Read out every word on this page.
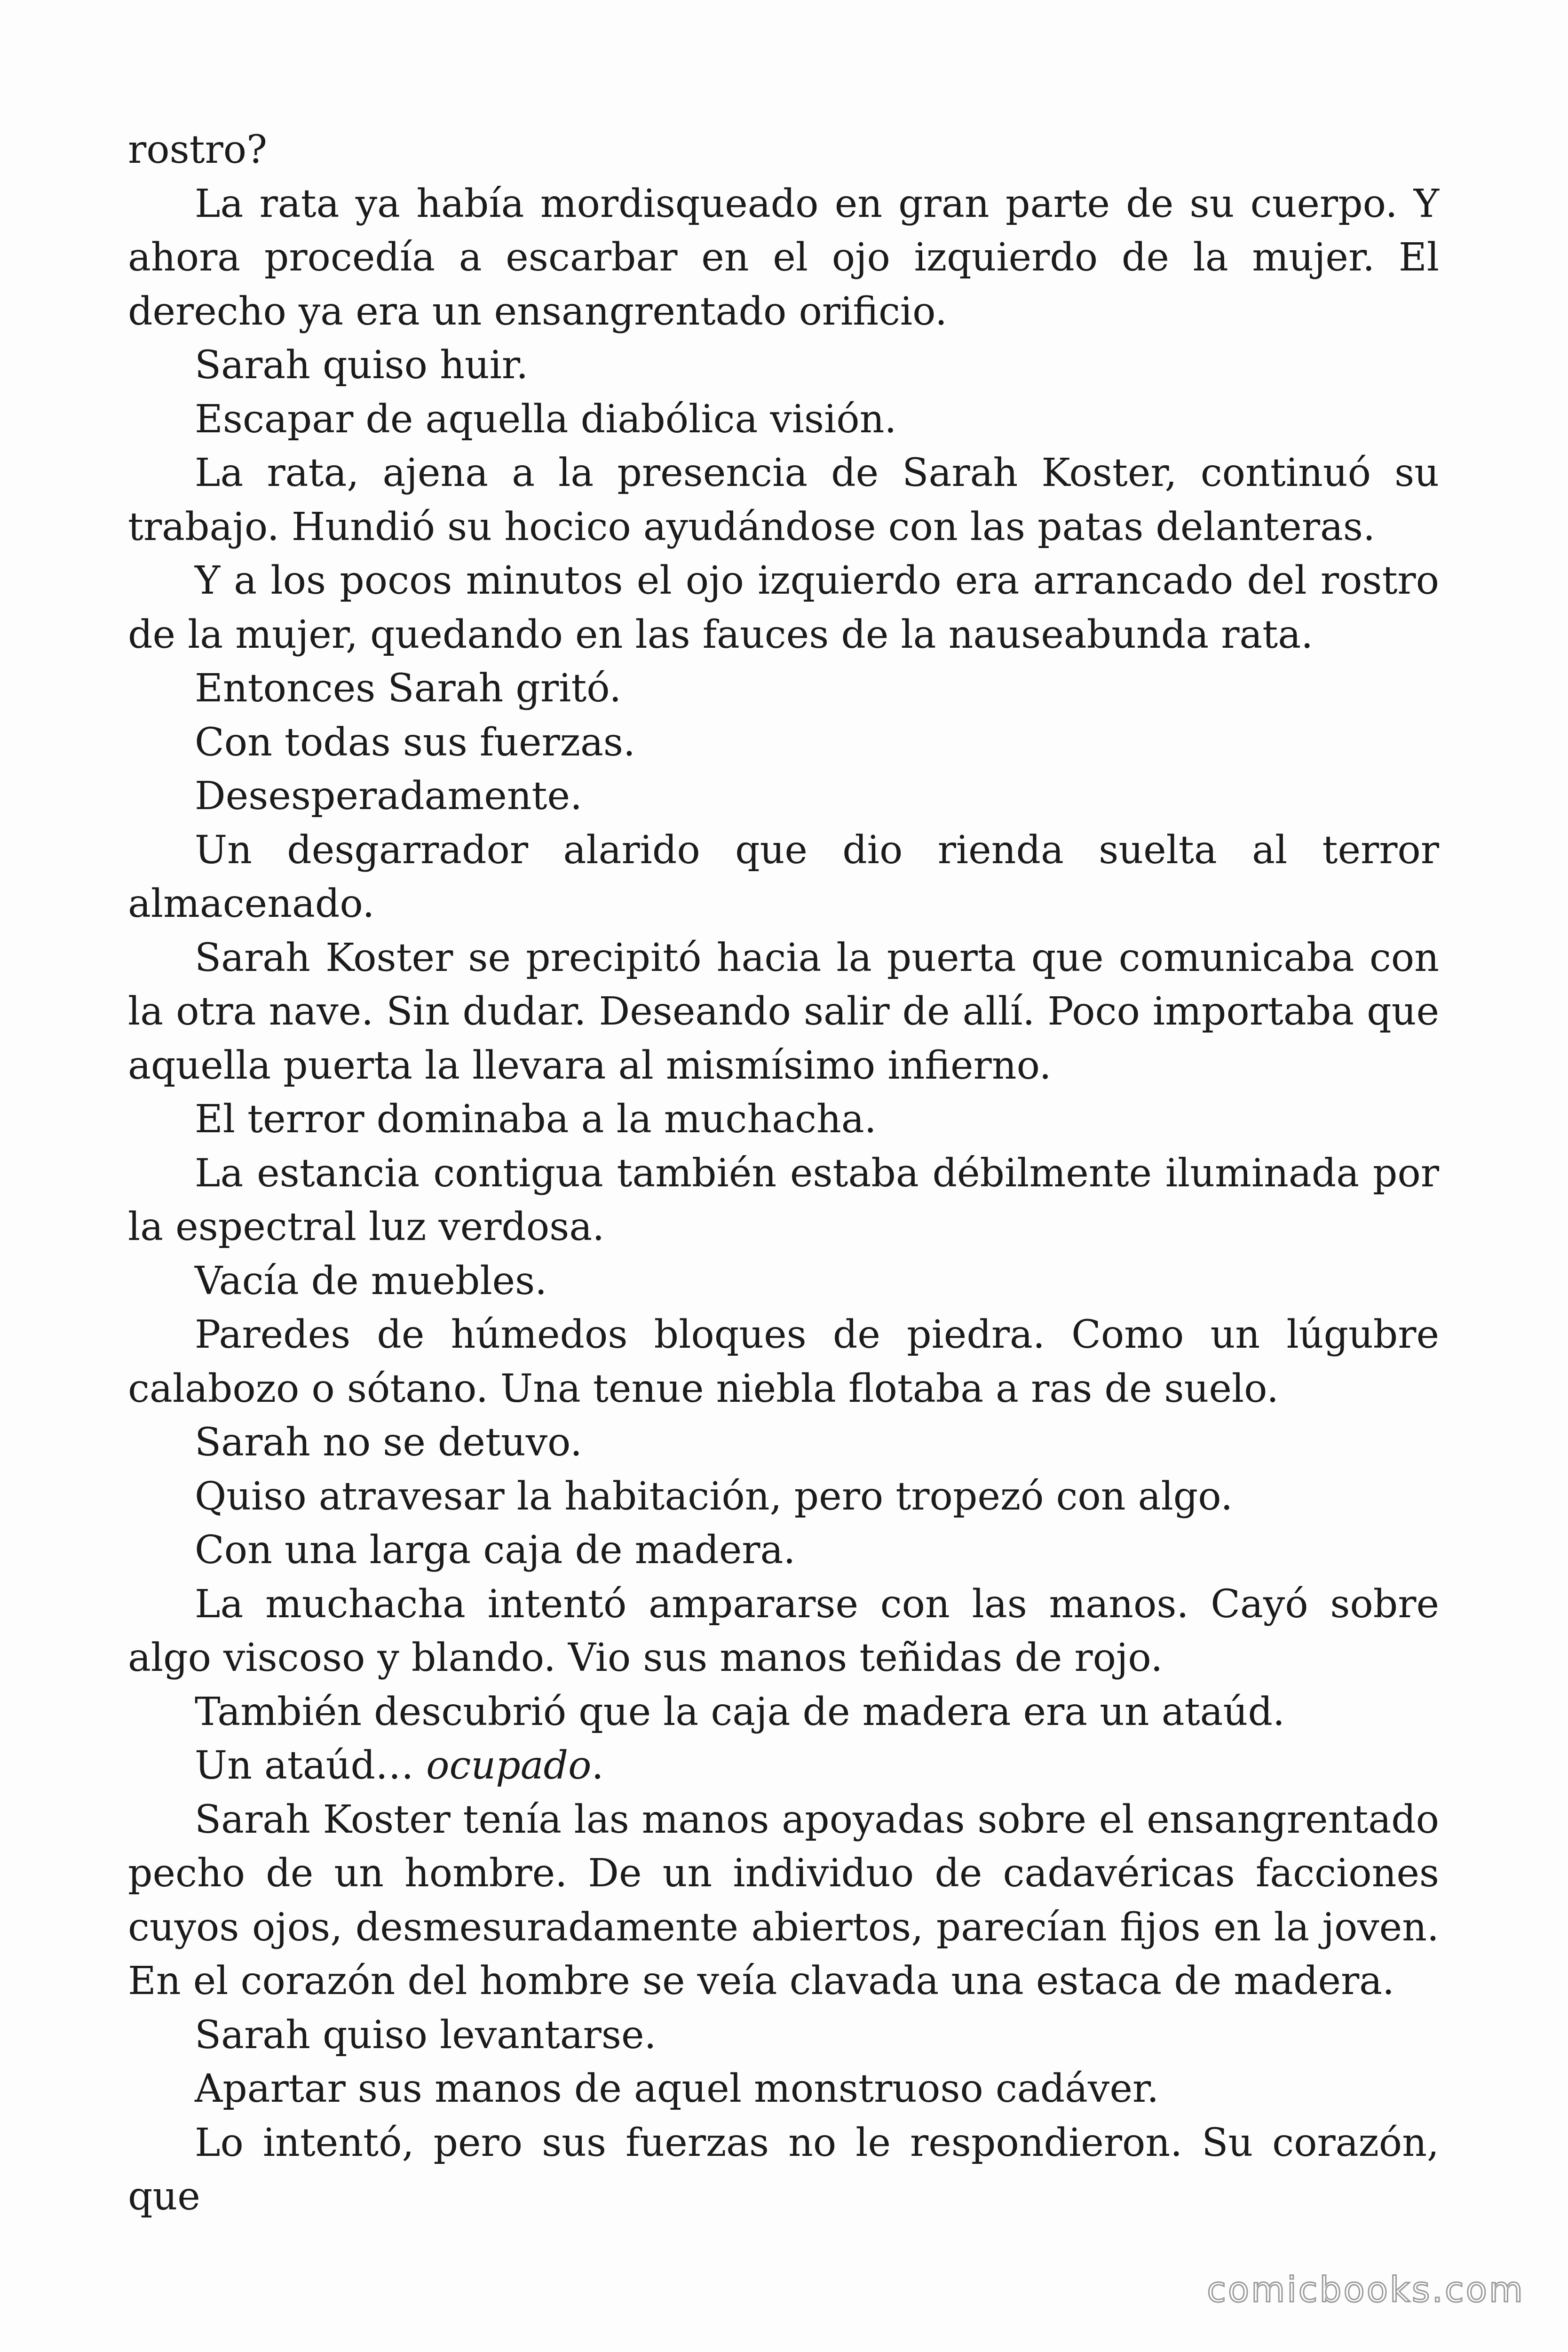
rostro?

La rata ya había mordisqueado en gran parte de su cuerpo. Y ahora procedía a escarbar en el ojo izquierdo de la mujer. El derecho ya era un ensangrentado orificio.

Sarah quiso huir.

Escapar de aquella diabólica visión.

La rata, ajena a la presencia de Sarah Koster, continuó su trabajo. Hundió su hocico ayudándose con las patas delanteras.

Y a los pocos minutos el ojo izquierdo era arrancado del rostro de la mujer, quedando en las fauces de la nauseabunda rata.

Entonces Sarah gritó.

Con todas sus fuerzas.

Desesperadamente.

Un desgarrador alarido que dio rienda suelta al terror almacenado.

Sarah Koster se precipitó hacia la puerta que comunicaba con la otra nave. Sin dudar. Deseando salir de allí. Poco importaba que aquella puerta la llevara al mismísimo infierno.

El terror dominaba a la muchacha.

La estancia contigua también estaba débilmente iluminada por la espectral luz verdosa.

Vacía de muebles.

Paredes de húmedos bloques de piedra. Como un lúgubre calabozo o sótano. Una tenue niebla flotaba a ras de suelo.

Sarah no se detuvo.

Quiso atravesar la habitación, pero tropezó con algo.

Con una larga caja de madera.

La muchacha intentó ampararse con las manos. Cayó sobre algo viscoso y blando. Vio sus manos teñidas de rojo.

También descubrió que la caja de madera era un ataúd.

Un ataúd… ocupado.

Sarah Koster tenía las manos apoyadas sobre el ensangrentado pecho de un hombre. De un individuo de cadavéricas facciones cuyos ojos, desmesuradamente abiertos, parecían fijos en la joven. En el corazón del hombre se veía clavada una estaca de madera.

Sarah quiso levantarse.

Apartar sus manos de aquel monstruoso cadáver.

Lo intentó, pero sus fuerzas no le respondieron. Su corazón, que

comicbooks.com
